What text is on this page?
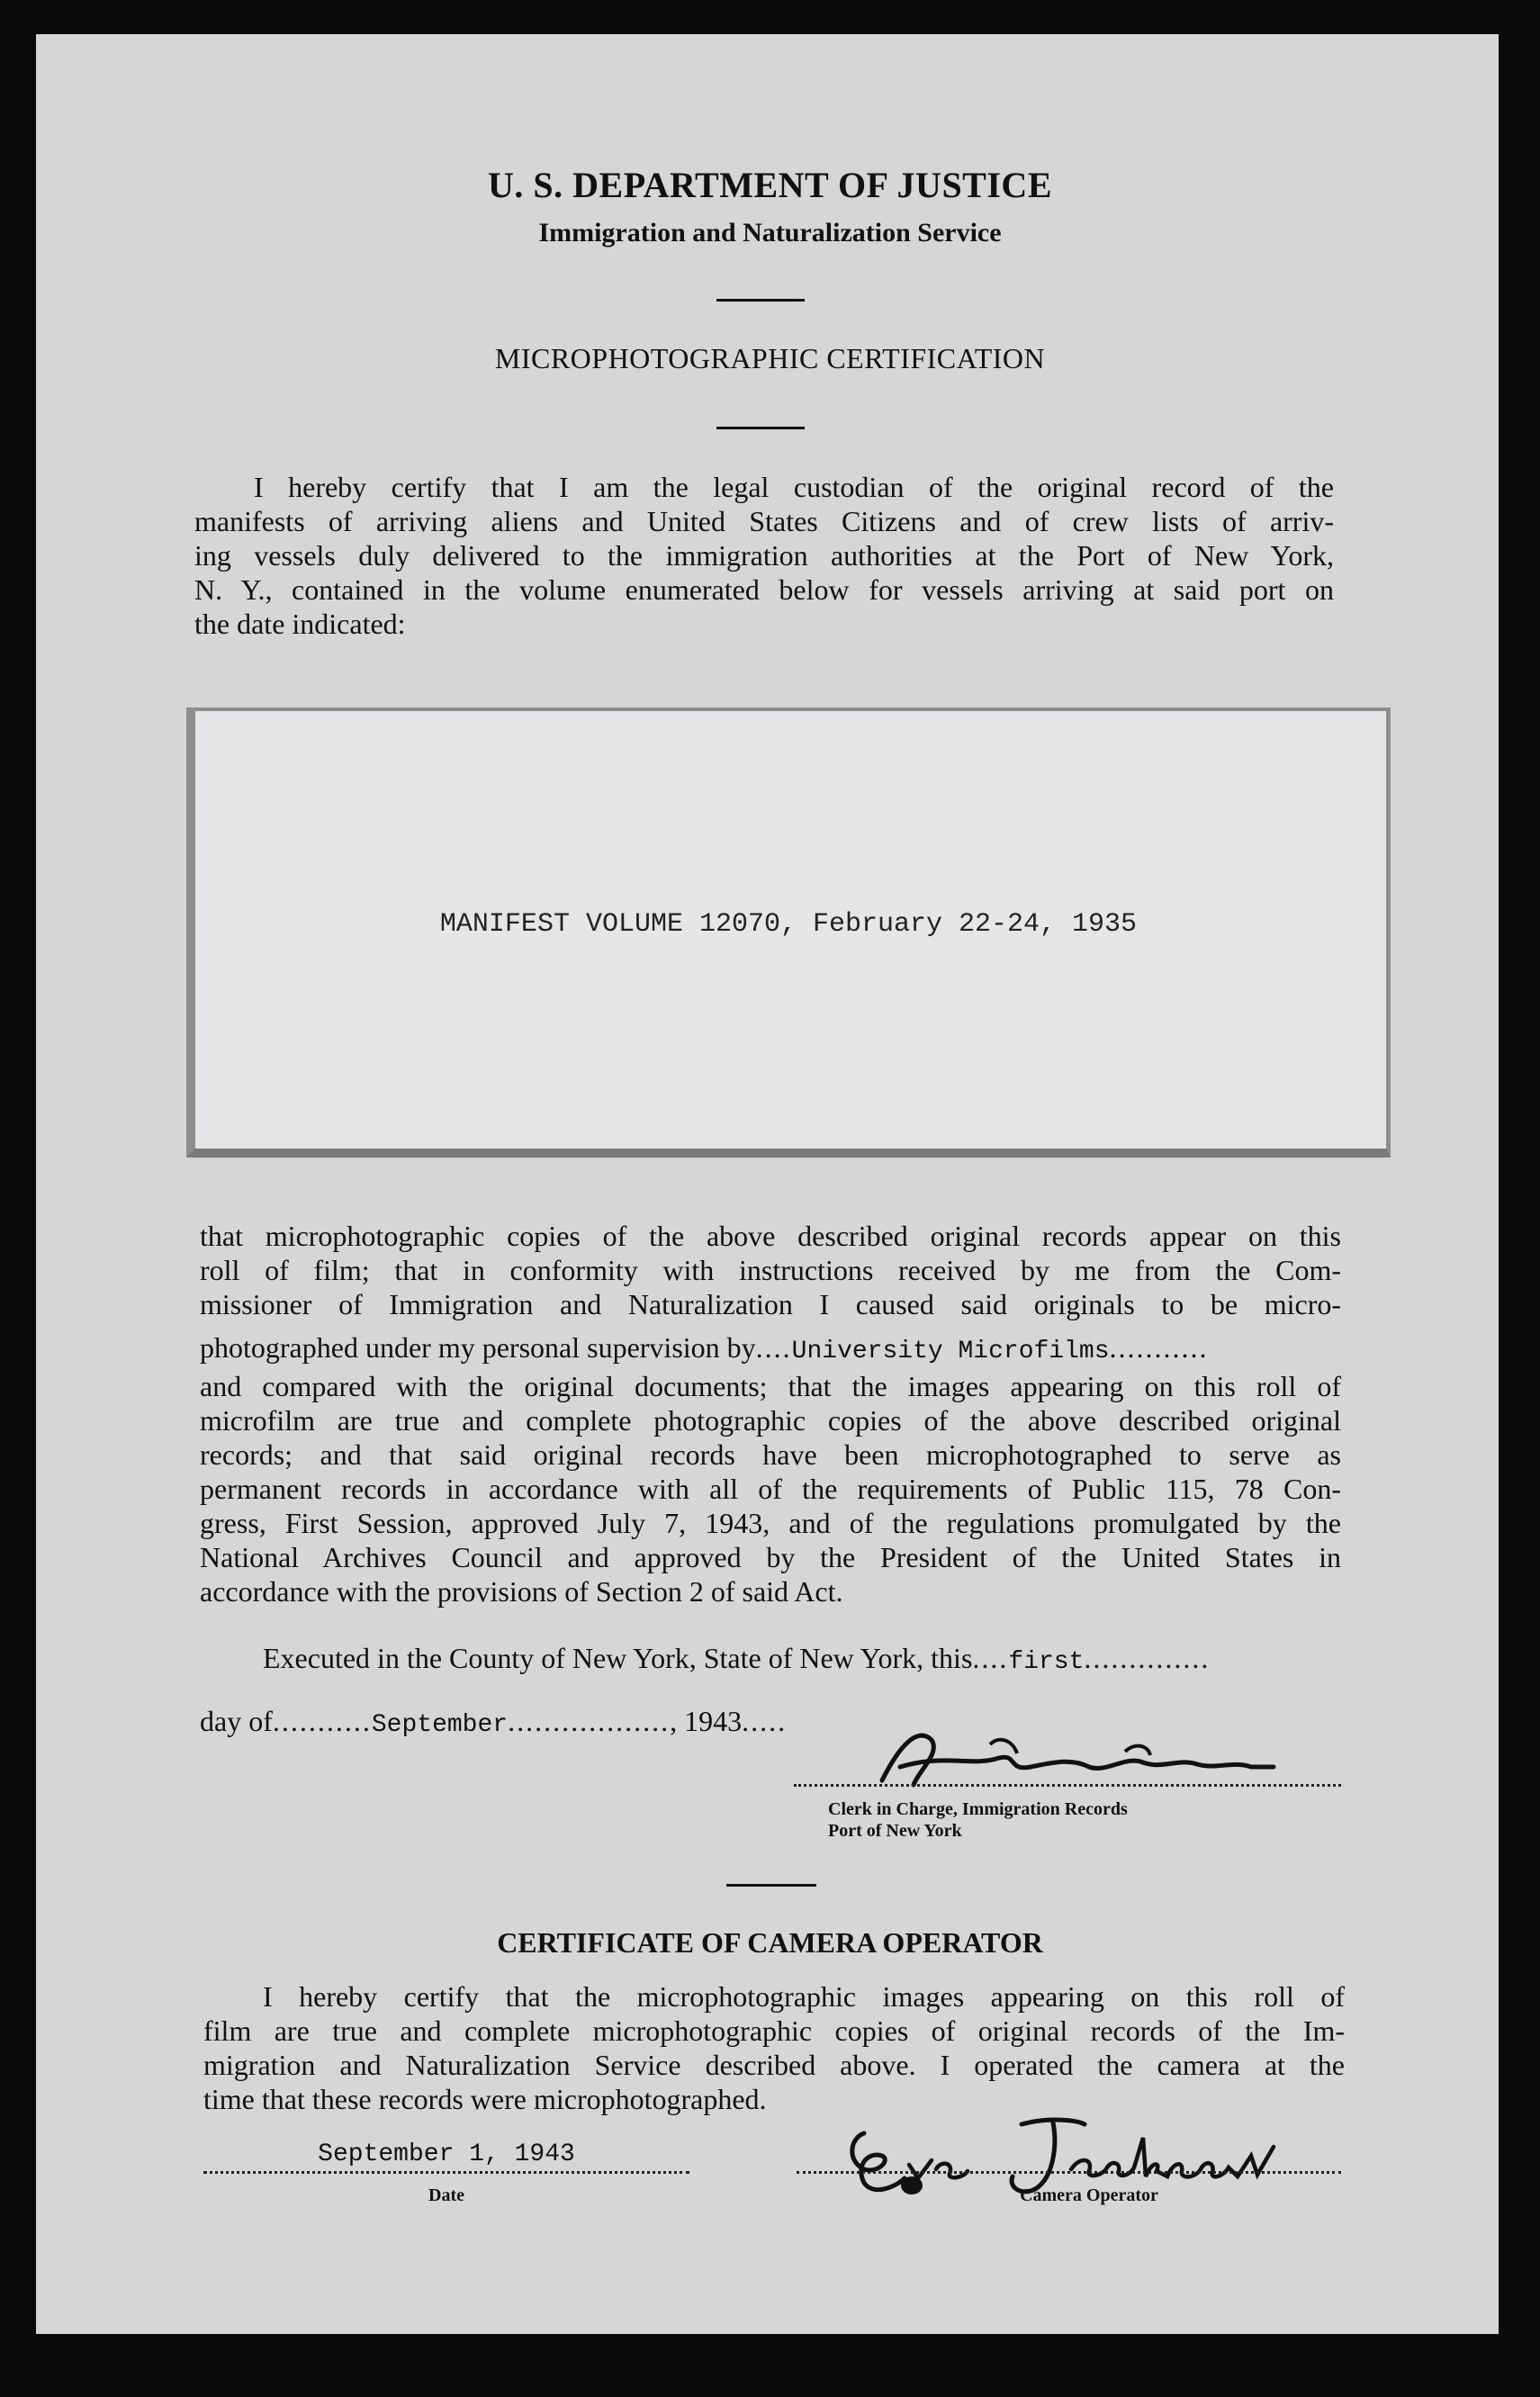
U. S. DEPARTMENT OF JUSTICE
Immigration and Naturalization Service
MICROPHOTOGRAPHIC CERTIFICATION
I hereby certify that I am the legal custodian of the original record of the
manifests of arriving aliens and United States Citizens and of crew lists of arriv-
ing vessels duly delivered to the immigration authorities at the Port of New York,
N. Y., contained in the volume enumerated below for vessels arriving at said port on
the date indicated:
MANIFEST VOLUME 12070, February 22-24, 1935
that microphotographic copies of the above described original records appear on this
roll of film; that in conformity with instructions received by me from the Com-
missioner of Immigration and Naturalization I caused said originals to be micro-
photographed under my personal supervision by....University Microfilms...........
and compared with the original documents; that the images appearing on this roll of
microfilm are true and complete photographic copies of the above described original
records; and that said original records have been microphotographed to serve as
permanent records in accordance with all of the requirements of Public 115, 78 Con-
gress, First Session, approved July 7, 1943, and of the regulations promulgated by the
National Archives Council and approved by the President of the United States in
accordance with the provisions of Section 2 of said Act.
Executed in the County of New York, State of New York, this....first..............
day of...........September.................., 1943.....
Clerk in Charge, Immigration Records
Port of New York
CERTIFICATE OF CAMERA OPERATOR
I hereby certify that the microphotographic images appearing on this roll of
film are true and complete microphotographic copies of original records of the Im-
migration and Naturalization Service described above. I operated the camera at the
time that these records were microphotographed.
September 1, 1943
Date	Camera Operator
